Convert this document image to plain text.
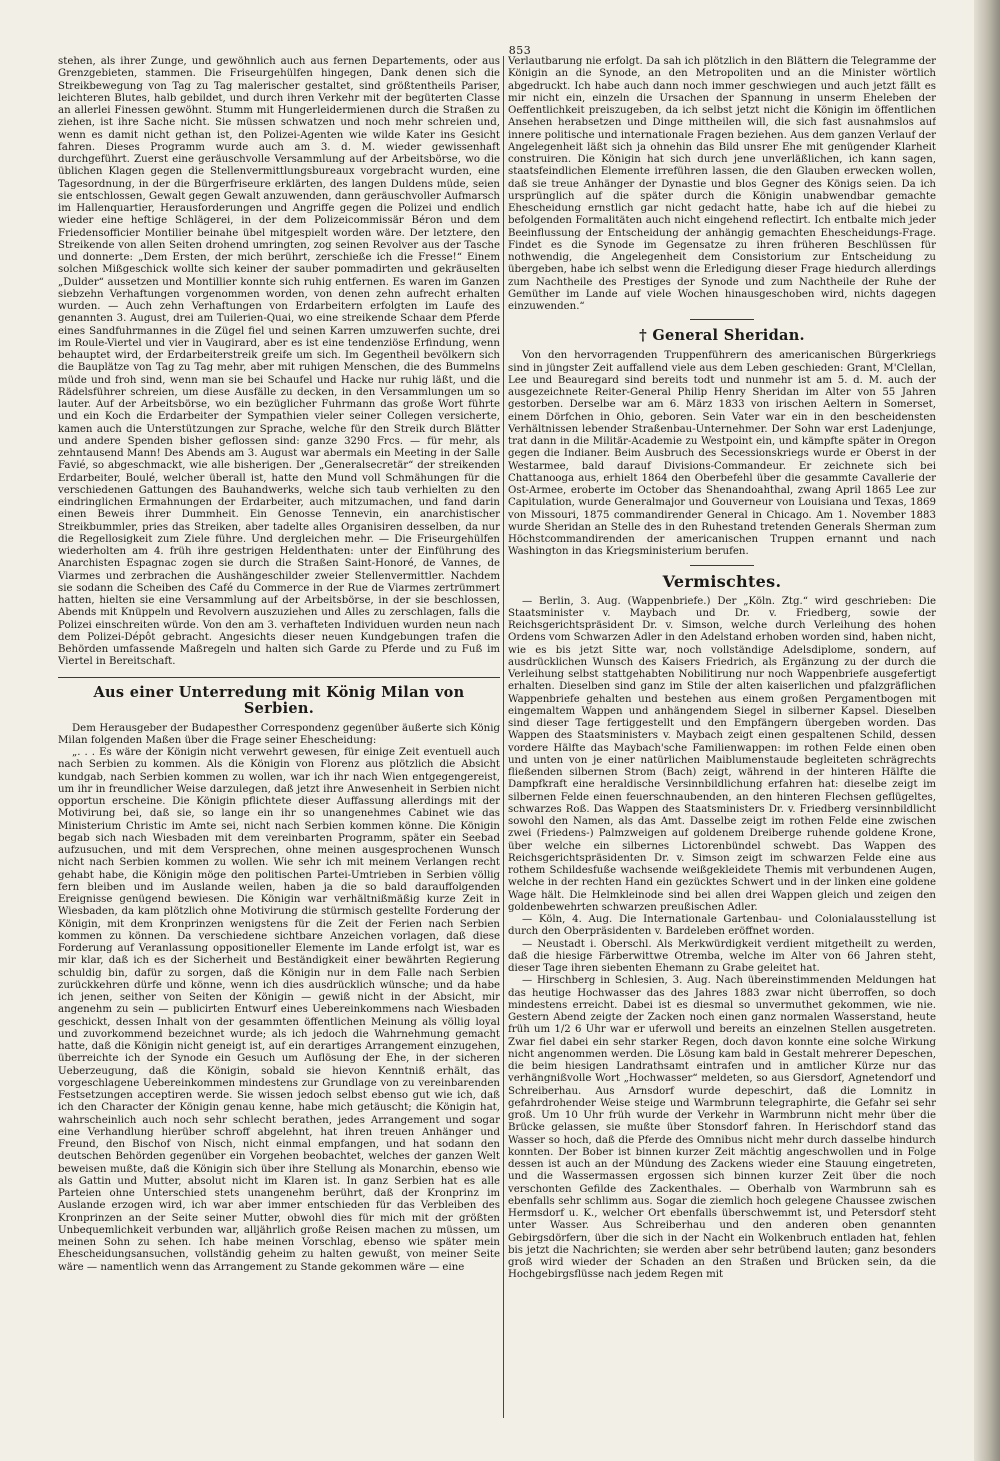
853

stehen, als ihrer Zunge, und gewöhnlich auch aus fernen Departements, oder aus Grenzgebieten, stammen. Die Friseurgehülfen hingegen, Dank denen sich die Streikbewegung von Tag zu Tag malerischer gestaltet, sind größtentheils Pariser, leichteren Blutes, halb gebildet, und durch ihren Verkehr mit der begüterten Classe an allerlei Finessen gewöhnt. Stumm mit Hungerleidermienen durch die Straßen zu ziehen, ist ihre Sache nicht. Sie müssen schwatzen und noch mehr schreien und, wenn es damit nicht gethan ist, den Polizei-Agenten wie wilde Kater ins Gesicht fahren. Dieses Programm wurde auch am 3. d. M. wieder gewissenhaft durchgeführt. Zuerst eine geräuschvolle Versammlung auf der Arbeitsbörse, wo die üblichen Klagen gegen die Stellenvermittlungsbureaux vorgebracht wurden, eine Tagesordnung, in der die Bürgerfriseure erklärten, des langen Duldens müde, seien sie entschlossen, Gewalt gegen Gewalt anzuwenden, dann geräuschvoller Aufmarsch im Hallenquartier, Herausforderungen und Angriffe gegen die Polizei und endlich wieder eine heftige Schlägerei, in der dem Polizeicommissär Béron und dem Friedensofficier Montilier beinahe übel mitgespielt worden wäre. Der letztere, den Streikende von allen Seiten drohend umringten, zog seinen Revolver aus der Tasche und donnerte: „Dem Ersten, der mich berührt, zerschieße ich die Fresse!“ Einem solchen Mißgeschick wollte sich keiner der sauber pommadirten und gekräuselten „Dulder“ aussetzen und Montillier konnte sich ruhig entfernen. Es waren im Ganzen siebzehn Verhaftungen vorgenommen worden, von denen zehn aufrecht erhalten wurden. — Auch zehn Verhaftungen von Erdarbeitern erfolgten im Laufe des genannten 3. August, drei am Tuilerien-Quai, wo eine streikende Schaar dem Pferde eines Sandfuhrmannes in die Zügel fiel und seinen Karren umzuwerfen suchte, drei im Roule-Viertel und vier in Vaugirard, aber es ist eine tendenziöse Erfindung, wenn behauptet wird, der Erdarbeiterstreik greife um sich. Im Gegentheil bevölkern sich die Bauplätze von Tag zu Tag mehr, aber mit ruhigen Menschen, die des Bummelns müde und froh sind, wenn man sie bei Schaufel und Hacke nur ruhig läßt, und die Rädelsführer schreien, um diese Ausfälle zu decken, in den Versammlungen um so lauter. Auf der Arbeitsbörse, wo ein bezüglicher Fuhrmann das große Wort führte und ein Koch die Erdarbeiter der Sympathien vieler seiner Collegen versicherte, kamen auch die Unterstützungen zur Sprache, welche für den Streik durch Blätter und andere Spenden bisher geflossen sind: ganze 3290 Frcs. — für mehr, als zehntausend Mann! Des Abends am 3. August war abermals ein Meeting in der Salle Favié, so abgeschmackt, wie alle bisherigen. Der „Generalsecretär“ der streikenden Erdarbeiter, Boulé, welcher überall ist, hatte den Mund voll Schmähungen für die verschiedenen Gattungen des Bauhandwerks, welche sich taub verhielten zu den eindringlichen Ermahnungen der Erdarbeiter, auch mitzumachen, und fand darin einen Beweis ihrer Dummheit. Ein Genosse Tennevin, ein anarchistischer Streikbummler, pries das Streiken, aber tadelte alles Organisiren desselben, da nur die Regellosigkeit zum Ziele führe. Und dergleichen mehr. — Die Friseurgehülfen wiederholten am 4. früh ihre gestrigen Heldenthaten: unter der Einführung des Anarchisten Espagnac zogen sie durch die Straßen Saint-Honoré, de Vannes, de Viarmes und zerbrachen die Aushängeschilder zweier Stellenvermittler. Nachdem sie sodann die Scheiben des Café du Commerce in der Rue de Viarmes zertrümmert hatten, hielten sie eine Versammlung auf der Arbeitsbörse, in der sie beschlossen, Abends mit Knüppeln und Revolvern auszuziehen und Alles zu zerschlagen, falls die Polizei einschreiten würde. Von den am 3. verhafteten Individuen wurden neun nach dem Polizei-Dépôt gebracht. Angesichts dieser neuen Kundgebungen trafen die Behörden umfassende Maßregeln und halten sich Garde zu Pferde und zu Fuß im Viertel in Bereitschaft.

Aus einer Unterredung mit König Milan von Serbien.

Dem Herausgeber der Budapesther Correspondenz gegenüber äußerte sich König Milan folgenden Maßen über die Frage seiner Ehescheidung:

„. . . Es wäre der Königin nicht verwehrt gewesen, für einige Zeit eventuell auch nach Serbien zu kommen. Als die Königin von Florenz aus plötzlich die Absicht kundgab, nach Serbien kommen zu wollen, war ich ihr nach Wien entgegengereist, um ihr in freundlicher Weise darzulegen, daß jetzt ihre Anwesenheit in Serbien nicht opportun erscheine. Die Königin pflichtete dieser Auffassung allerdings mit der Motivirung bei, daß sie, so lange ein ihr so unangenehmes Cabinet wie das Ministerium Christic im Amte sei, nicht nach Serbien kommen könne. Die Königin begab sich nach Wiesbaden mit dem vereinbarten Programm, später ein Seebad aufzusuchen, und mit dem Versprechen, ohne meinen ausgesprochenen Wunsch nicht nach Serbien kommen zu wollen. Wie sehr ich mit meinem Verlangen recht gehabt habe, die Königin möge den politischen Partei-Umtrieben in Serbien völlig fern bleiben und im Auslande weilen, haben ja die so bald darauffolgenden Ereignisse genügend bewiesen. Die Königin war verhältnißmäßig kurze Zeit in Wiesbaden, da kam plötzlich ohne Motivirung die stürmisch gestellte Forderung der Königin, mit dem Kronprinzen wenigstens für die Zeit der Ferien nach Serbien kommen zu können. Da verschiedene sichtbare Anzeichen vorlagen, daß diese Forderung auf Veranlassung oppositioneller Elemente im Lande erfolgt ist, war es mir klar, daß ich es der Sicherheit und Beständigkeit einer bewährten Regierung schuldig bin, dafür zu sorgen, daß die Königin nur in dem Falle nach Serbien zurückkehren dürfe und könne, wenn ich dies ausdrücklich wünsche; und da habe ich jenen, seither von Seiten der Königin — gewiß nicht in der Absicht, mir angenehm zu sein — publicirten Entwurf eines Uebereinkommens nach Wiesbaden geschickt, dessen Inhalt von der gesammten öffentlichen Meinung als völlig loyal und zuvorkommend bezeichnet wurde; als ich jedoch die Wahrnehmung gemacht hatte, daß die Königin nicht geneigt ist, auf ein derartiges Arrangement einzugehen, überreichte ich der Synode ein Gesuch um Auflösung der Ehe, in der sicheren Ueberzeugung, daß die Königin, sobald sie hievon Kenntniß erhält, das vorgeschlagene Uebereinkommen mindestens zur Grundlage von zu vereinbarenden Festsetzungen acceptiren werde. Sie wissen jedoch selbst ebenso gut wie ich, daß ich den Character der Königin genau kenne, habe mich getäuscht; die Königin hat, wahrscheinlich auch noch sehr schlecht berathen, jedes Arrangement und sogar eine Verhandlung hierüber schroff abgelehnt, hat ihren treuen Anhänger und Freund, den Bischof von Nisch, nicht einmal empfangen, und hat sodann den deutschen Behörden gegenüber ein Vorgehen beobachtet, welches der ganzen Welt beweisen mußte, daß die Königin sich über ihre Stellung als Monarchin, ebenso wie als Gattin und Mutter, absolut nicht im Klaren ist. In ganz Serbien hat es alle Parteien ohne Unterschied stets unangenehm berührt, daß der Kronprinz im Auslande erzogen wird, ich war aber immer entschieden für das Verbleiben des Kronprinzen an der Seite seiner Mutter, obwohl dies für mich mit der größten Unbequemlichkeit verbunden war, alljährlich große Reisen machen zu müssen, um meinen Sohn zu sehen. Ich habe meinen Vorschlag, ebenso wie später mein Ehescheidungsansuchen, vollständig geheim zu halten gewußt, von meiner Seite wäre — namentlich wenn das Arrangement zu Stande gekommen wäre — eine

Verlautbarung nie erfolgt. Da sah ich plötzlich in den Blättern die Telegramme der Königin an die Synode, an den Metropoliten und an die Minister wörtlich abgedruckt. Ich habe auch dann noch immer geschwiegen und auch jetzt fällt es mir nicht ein, einzeln die Ursachen der Spannung in unserm Eheleben der Oeffentlichkeit preiszugeben, da ich selbst jetzt nicht die Königin im öffentlichen Ansehen herabsetzen und Dinge mittheilen will, die sich fast ausnahmslos auf innere politische und internationale Fragen beziehen. Aus dem ganzen Verlauf der Angelegenheit läßt sich ja ohnehin das Bild unsrer Ehe mit genügender Klarheit construiren. Die Königin hat sich durch jene unverläßlichen, ich kann sagen, staatsfeindlichen Elemente irreführen lassen, die den Glauben erwecken wollen, daß sie treue Anhänger der Dynastie und blos Gegner des Königs seien. Da ich ursprünglich auf die später durch die Königin unabwendbar gemachte Ehescheidung ernstlich gar nicht gedacht hatte, habe ich auf die hiebei zu befolgenden Formalitäten auch nicht eingehend reflectirt. Ich entbalte mich jeder Beeinflussung der Entscheidung der anhängig gemachten Ehescheidungs-Frage. Findet es die Synode im Gegensatze zu ihren früheren Beschlüssen für nothwendig, die Angelegenheit dem Consistorium zur Entscheidung zu übergeben, habe ich selbst wenn die Erledigung dieser Frage hiedurch allerdings zum Nachtheile des Prestiges der Synode und zum Nachtheile der Ruhe der Gemüther im Lande auf viele Wochen hinausgeschoben wird, nichts dagegen einzuwenden.“

† General Sheridan.

Von den hervorragenden Truppenführern des americanischen Bürgerkriegs sind in jüngster Zeit auffallend viele aus dem Leben geschieden: Grant, M'Clellan, Lee und Beauregard sind bereits todt und nunmehr ist am 5. d. M. auch der ausgezeichnete Reiter-General Philip Henry Sheridan im Alter von 55 Jahren gestorben. Derselbe war am 6. März 1833 von irischen Aeltern in Somerset, einem Dörfchen in Ohio, geboren. Sein Vater war ein in den bescheidensten Verhältnissen lebender Straßenbau-Unternehmer. Der Sohn war erst Ladenjunge, trat dann in die Militär-Academie zu Westpoint ein, und kämpfte später in Oregon gegen die Indianer. Beim Ausbruch des Secessionskriegs wurde er Oberst in der Westarmee, bald darauf Divisions-Commandeur. Er zeichnete sich bei Chattanooga aus, erhielt 1864 den Oberbefehl über die gesammte Cavallerie der Ost-Armee, eroberte im October das Shenandoahthal, zwang April 1865 Lee zur Capitulation, wurde Generalmajor und Gouverneur von Louisiana und Texas, 1869 von Missouri, 1875 commandirender General in Chicago. Am 1. November 1883 wurde Sheridan an Stelle des in den Ruhestand tretenden Generals Sherman zum Höchstcommandirenden der americanischen Truppen ernannt und nach Washington in das Kriegsministerium berufen.

Vermischtes.

— Berlin, 3. Aug. (Wappenbriefe.) Der „Köln. Ztg.“ wird geschrieben: Die Staatsminister v. Maybach und Dr. v. Friedberg, sowie der Reichsgerichtspräsident Dr. v. Simson, welche durch Verleihung des hohen Ordens vom Schwarzen Adler in den Adelstand erhoben worden sind, haben nicht, wie es bis jetzt Sitte war, noch vollständige Adelsdiplome, sondern, auf ausdrücklichen Wunsch des Kaisers Friedrich, als Ergänzung zu der durch die Verleihung selbst stattgehabten Nobilitirung nur noch Wappenbriefe ausgefertigt erhalten. Dieselben sind ganz im Stile der alten kaiserlichen und pfalzgräflichen Wappenbriefe gehalten und bestehen aus einem großen Pergamentbogen mit eingemaltem Wappen und anhängendem Siegel in silberner Kapsel. Dieselben sind dieser Tage fertiggestellt und den Empfängern übergeben worden. Das Wappen des Staatsministers v. Maybach zeigt einen gespaltenen Schild, dessen vordere Hälfte das Maybach'sche Familienwappen: im rothen Felde einen oben und unten von je einer natürlichen Maiblumenstaude begleiteten schrägrechts fließenden silbernen Strom (Bach) zeigt, während in der hinteren Hälfte die Dampfkraft eine heraldische Versinnbildlichung erfahren hat: dieselbe zeigt im silbernen Felde einen feuerschnaubenden, an den hinteren Flechsen geflügeltes, schwarzes Roß. Das Wappen des Staatsministers Dr. v. Friedberg versinnbildlicht sowohl den Namen, als das Amt. Dasselbe zeigt im rothen Felde eine zwischen zwei (Friedens-) Palmzweigen auf goldenem Dreiberge ruhende goldene Krone, über welche ein silbernes Lictorenbündel schwebt. Das Wappen des Reichsgerichtspräsidenten Dr. v. Simson zeigt im schwarzen Felde eine aus rothem Schildesfuße wachsende weißgekleidete Themis mit verbundenen Augen, welche in der rechten Hand ein gezücktes Schwert und in der linken eine goldene Wage hält. Die Helmkleinode sind bei allen drei Wappen gleich und zeigen den goldenbewehrten schwarzen preußischen Adler.

— Köln, 4. Aug. Die Internationale Gartenbau- und Colonialausstellung ist durch den Oberpräsidenten v. Bardeleben eröffnet worden.

— Neustadt i. Oberschl. Als Merkwürdigkeit verdient mitgetheilt zu werden, daß die hiesige Färberwittwe Otremba, welche im Alter von 66 Jahren steht, dieser Tage ihren siebenten Ehemann zu Grabe geleitet hat.

— Hirschberg in Schlesien, 3. Aug. Nach übereinstimmenden Meldungen hat das heutige Hochwasser das des Jahres 1883 zwar nicht überroffen, so doch mindestens erreicht. Dabei ist es diesmal so unvermuthet gekommen, wie nie. Gestern Abend zeigte der Zacken noch einen ganz normalen Wasserstand, heute früh um 1/2 6 Uhr war er uferwoll und bereits an einzelnen Stellen ausgetreten. Zwar fiel dabei ein sehr starker Regen, doch davon konnte eine solche Wirkung nicht angenommen werden. Die Lösung kam bald in Gestalt mehrerer Depeschen, die beim hiesigen Landrathsamt eintrafen und in amtlicher Kürze nur das verhängnißvolle Wort „Hochwasser“ meldeten, so aus Giersdorf, Agnetendorf und Schreiberhau. Aus Arnsdorf wurde depeschirt, daß die Lomnitz in gefahrdrohender Weise steige und Warmbrunn telegraphirte, die Gefahr sei sehr groß. Um 10 Uhr früh wurde der Verkehr in Warmbrunn nicht mehr über die Brücke gelassen, sie mußte über Stonsdorf fahren. In Herischdorf stand das Wasser so hoch, daß die Pferde des Omnibus nicht mehr durch dasselbe hindurch konnten. Der Bober ist binnen kurzer Zeit mächtig angeschwollen und in Folge dessen ist auch an der Mündung des Zackens wieder eine Stauung eingetreten, und die Wassermassen ergossen sich binnen kurzer Zeit über die noch verschonten Gefilde des Zackenthales. — Oberhalb von Warmbrunn sah es ebenfalls sehr schlimm aus. Sogar die ziemlich hoch gelegene Chaussee zwischen Hermsdorf u. K., welcher Ort ebenfalls überschwemmt ist, und Petersdorf steht unter Wasser. Aus Schreiberhau und den anderen oben genannten Gebirgsdörfern, über die sich in der Nacht ein Wolkenbruch entladen hat, fehlen bis jetzt die Nachrichten; sie werden aber sehr betrübend lauten; ganz besonders groß wird wieder der Schaden an den Straßen und Brücken sein, da die Hochgebirgsflüsse nach jedem Regen mit
